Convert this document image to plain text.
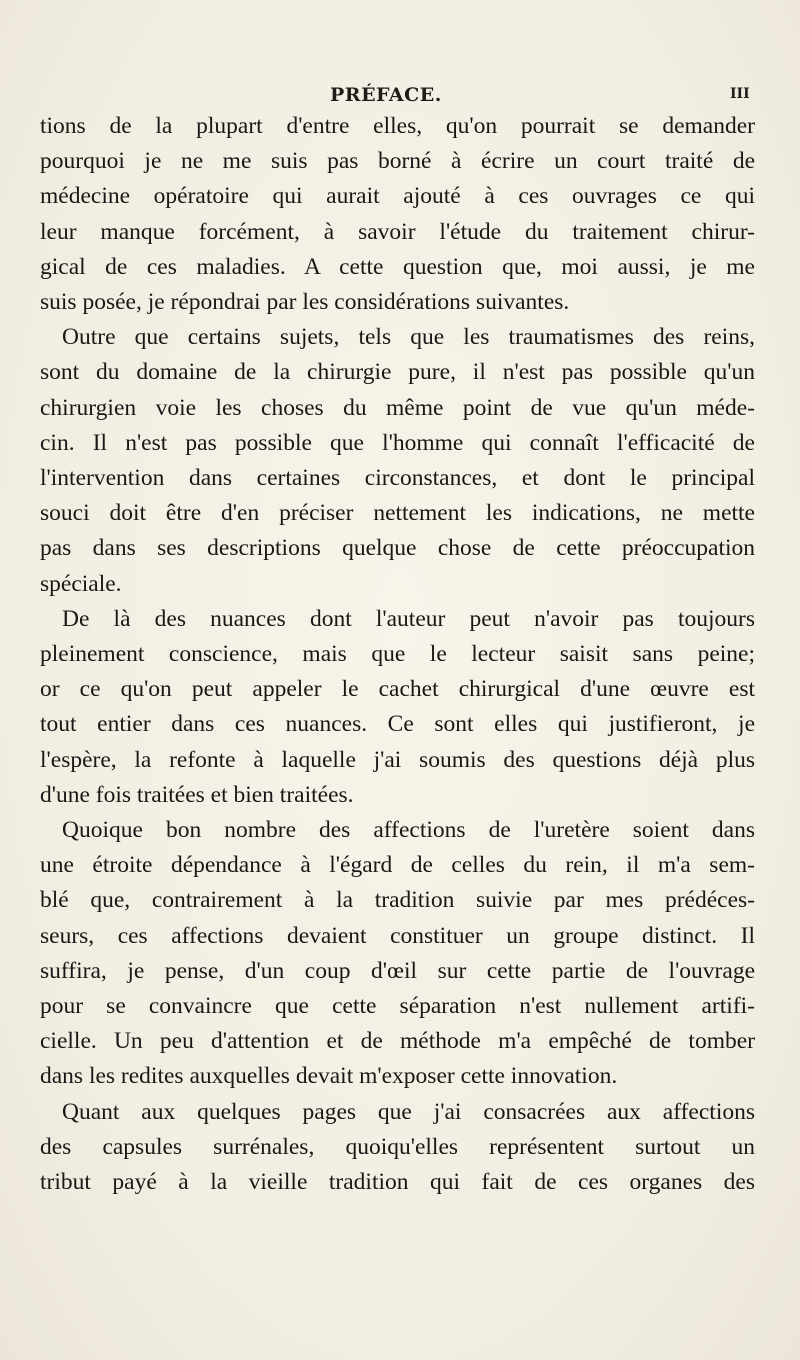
PRÉFACE.	III
tions de la plupart d'entre elles, qu'on pourrait se demander
pourquoi je ne me suis pas borné à écrire un court traité de
médecine opératoire qui aurait ajouté à ces ouvrages ce qui
leur manque forcément, à savoir l'étude du traitement chirur-
gical de ces maladies. A cette question que, moi aussi, je me
suis posée, je répondrai par les considérations suivantes.
Outre que certains sujets, tels que les traumatismes des reins,
sont du domaine de la chirurgie pure, il n'est pas possible qu'un
chirurgien voie les choses du même point de vue qu'un méde-
cin. Il n'est pas possible que l'homme qui connaît l'efficacité de
l'intervention dans certaines circonstances, et dont le principal
souci doit être d'en préciser nettement les indications, ne mette
pas dans ses descriptions quelque chose de cette préoccupation
spéciale.
De là des nuances dont l'auteur peut n'avoir pas toujours
pleinement conscience, mais que le lecteur saisit sans peine;
or ce qu'on peut appeler le cachet chirurgical d'une œuvre est
tout entier dans ces nuances. Ce sont elles qui justifieront, je
l'espère, la refonte à laquelle j'ai soumis des questions déjà plus
d'une fois traitées et bien traitées.
Quoique bon nombre des affections de l'uretère soient dans
une étroite dépendance à l'égard de celles du rein, il m'a sem-
blé que, contrairement à la tradition suivie par mes prédéces-
seurs, ces affections devaient constituer un groupe distinct. Il
suffira, je pense, d'un coup d'œil sur cette partie de l'ouvrage
pour se convaincre que cette séparation n'est nullement artifi-
cielle. Un peu d'attention et de méthode m'a empêché de tomber
dans les redites auxquelles devait m'exposer cette innovation.
Quant aux quelques pages que j'ai consacrées aux affections
des capsules surrénales, quoiqu'elles représentent surtout un
tribut payé à la vieille tradition qui fait de ces organes des
